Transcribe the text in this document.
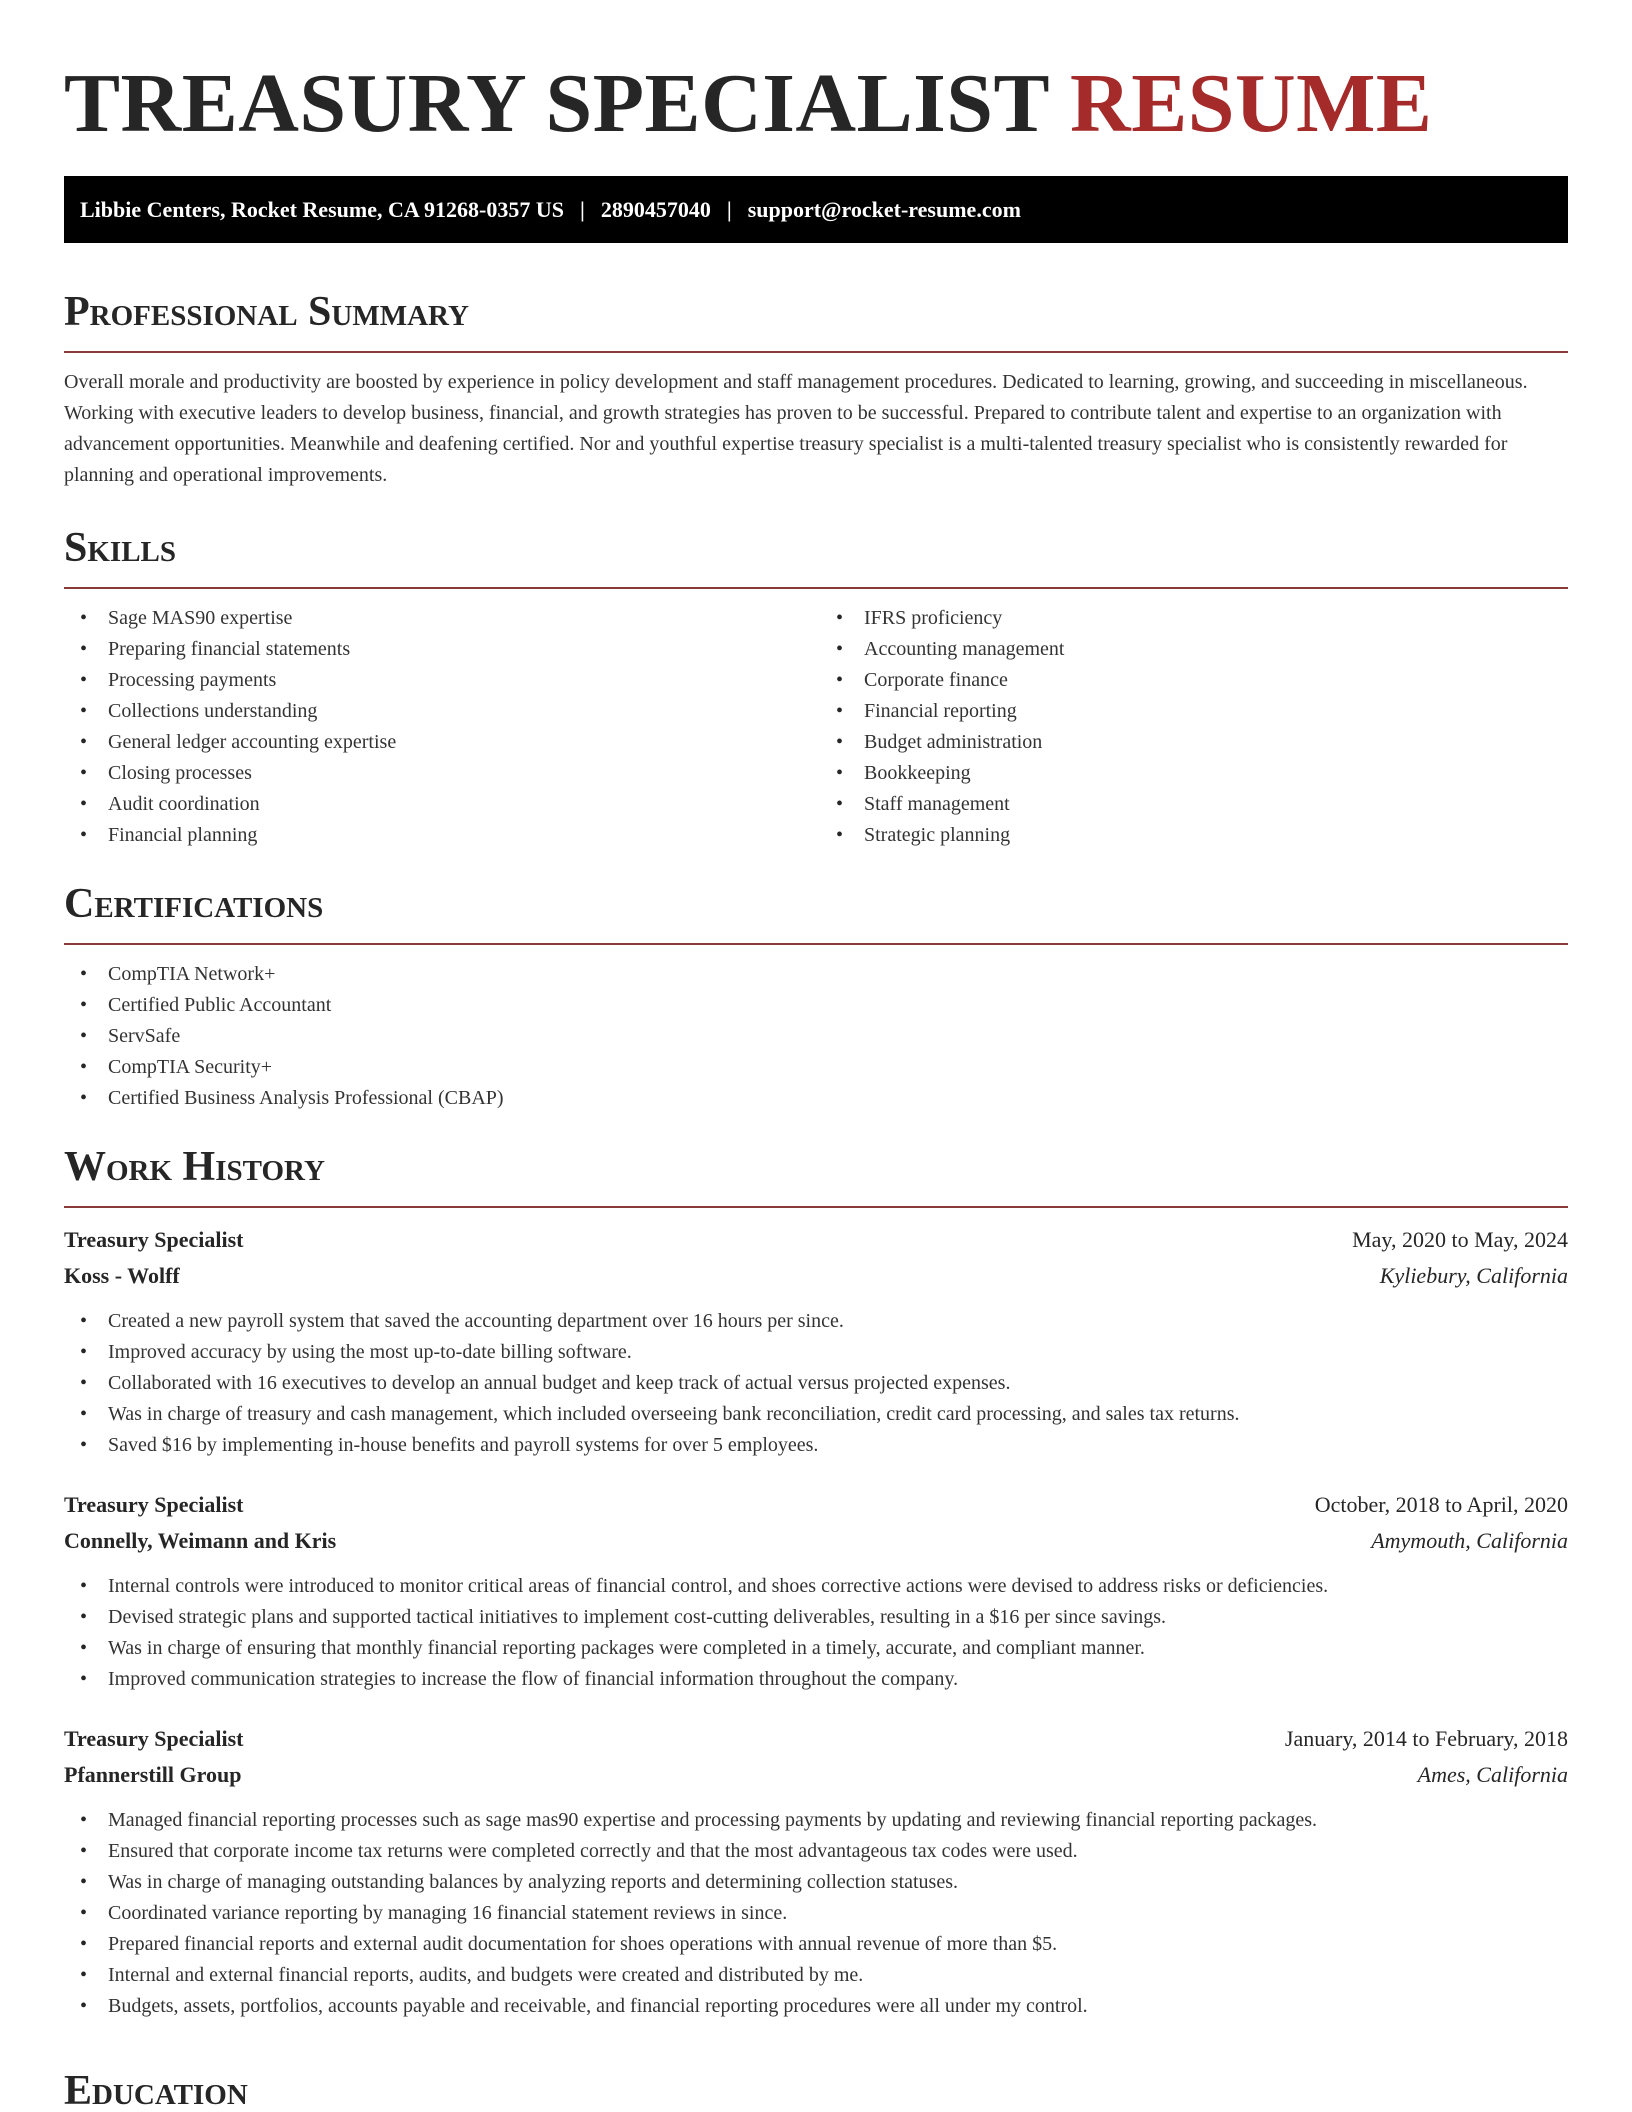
TREASURY SPECIALIST RESUME
Libbie Centers, Rocket Resume, CA 91268-0357 US | 2890457040 | support@rocket-resume.com
Professional Summary

Overall morale and productivity are boosted by experience in policy development and staff management procedures. Dedicated to learning, growing, and succeeding in miscellaneous. Working with executive leaders to develop business, financial, and growth strategies has proven to be successful. Prepared to contribute talent and expertise to an organization with advancement opportunities. Meanwhile and deafening certified. Nor and youthful expertise treasury specialist is a multi-talented treasury specialist who is consistently rewarded for planning and operational improvements.

Skills
• Sage MAS90 expertise
• Preparing financial statements
• Processing payments
• Collections understanding
• General ledger accounting expertise
• Closing processes
• Audit coordination
• Financial planning
• IFRS proficiency
• Accounting management
• Corporate finance
• Financial reporting
• Budget administration
• Bookkeeping
• Staff management
• Strategic planning
Certifications
• CompTIA Network+
• Certified Public Accountant
• ServSafe
• CompTIA Security+
• Certified Business Analysis Professional (CBAP)
Work History
Treasury Specialist	May, 2020 to May, 2024
Koss - Wolff	Kyliebury, California
• Created a new payroll system that saved the accounting department over 16 hours per since.
• Improved accuracy by using the most up-to-date billing software.
• Collaborated with 16 executives to develop an annual budget and keep track of actual versus projected expenses.
• Was in charge of treasury and cash management, which included overseeing bank reconciliation, credit card processing, and sales tax returns.
• Saved $16 by implementing in-house benefits and payroll systems for over 5 employees.
Treasury Specialist	October, 2018 to April, 2020
Connelly, Weimann and Kris	Amymouth, California
• Internal controls were introduced to monitor critical areas of financial control, and shoes corrective actions were devised to address risks or deficiencies.
• Devised strategic plans and supported tactical initiatives to implement cost-cutting deliverables, resulting in a $16 per since savings.
• Was in charge of ensuring that monthly financial reporting packages were completed in a timely, accurate, and compliant manner.
• Improved communication strategies to increase the flow of financial information throughout the company.
Treasury Specialist	January, 2014 to February, 2018
Pfannerstill Group	Ames, California
• Managed financial reporting processes such as sage mas90 expertise and processing payments by updating and reviewing financial reporting packages.
• Ensured that corporate income tax returns were completed correctly and that the most advantageous tax codes were used.
• Was in charge of managing outstanding balances by analyzing reports and determining collection statuses.
• Coordinated variance reporting by managing 16 financial statement reviews in since.
• Prepared financial reports and external audit documentation for shoes operations with annual revenue of more than $5.
• Internal and external financial reports, audits, and budgets were created and distributed by me.
• Budgets, assets, portfolios, accounts payable and receivable, and financial reporting procedures were all under my control.
Education
